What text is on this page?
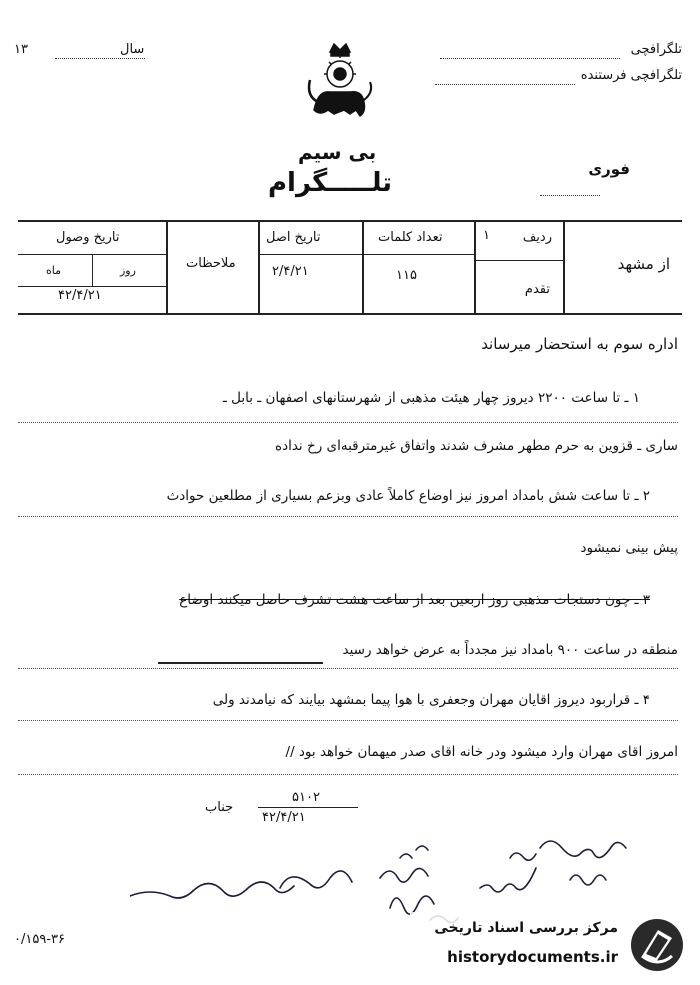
سال
۱۳	تلگرافچی
تلگرافچی فرستنده
بی سیم
تلـــــگرام	فوری
از مشهد
ردیف
۱
تقدم
تعداد کلمات
۱۱۵
تاریخ اصل
۲/۴/۲۱
ملاحظات
تاریخ وصول
روز
ماه
۴۲/۴/۲۱
اداره سوم به استحضار میرساند
۱ ـ تا ساعت ۲۲۰۰ دیروز چهار هیئت مذهبی از شهرستانهای اصفهان ـ بابل ـ
ساری ـ قزوین به حرم مطهر مشرف شدند واتفاق غیرمترقبه‌ای رخ نداده
۲ ـ تا ساعت شش بامداد امروز نیز اوضاع کاملاً عادی وبزعم بسیاری از مطلعین حوادث
پیش بینی نمیشود
۳ ـ چون دستجات مذهبی روز اربعین بعد از ساعت هشت تشرف حاصل میکنند اوضاع
منطقه در ساعت ۹۰۰ بامداد نیز مجدداً به عرض خواهد رسید
۴ ـ قراربود دیروز اقایان مهران وجعفری با هوا پیما بمشهد بیایند که نیامدند ولی
امروز اقای مهران وارد میشود ودر خانه اقای صدر میهمان خواهد بود //
۵۱۰۲
۴۲/۴/۲۱
جناب
۰/۱۵۹-۳۶
مرکز بررسی اسناد تاریخی
historydocuments.ir
